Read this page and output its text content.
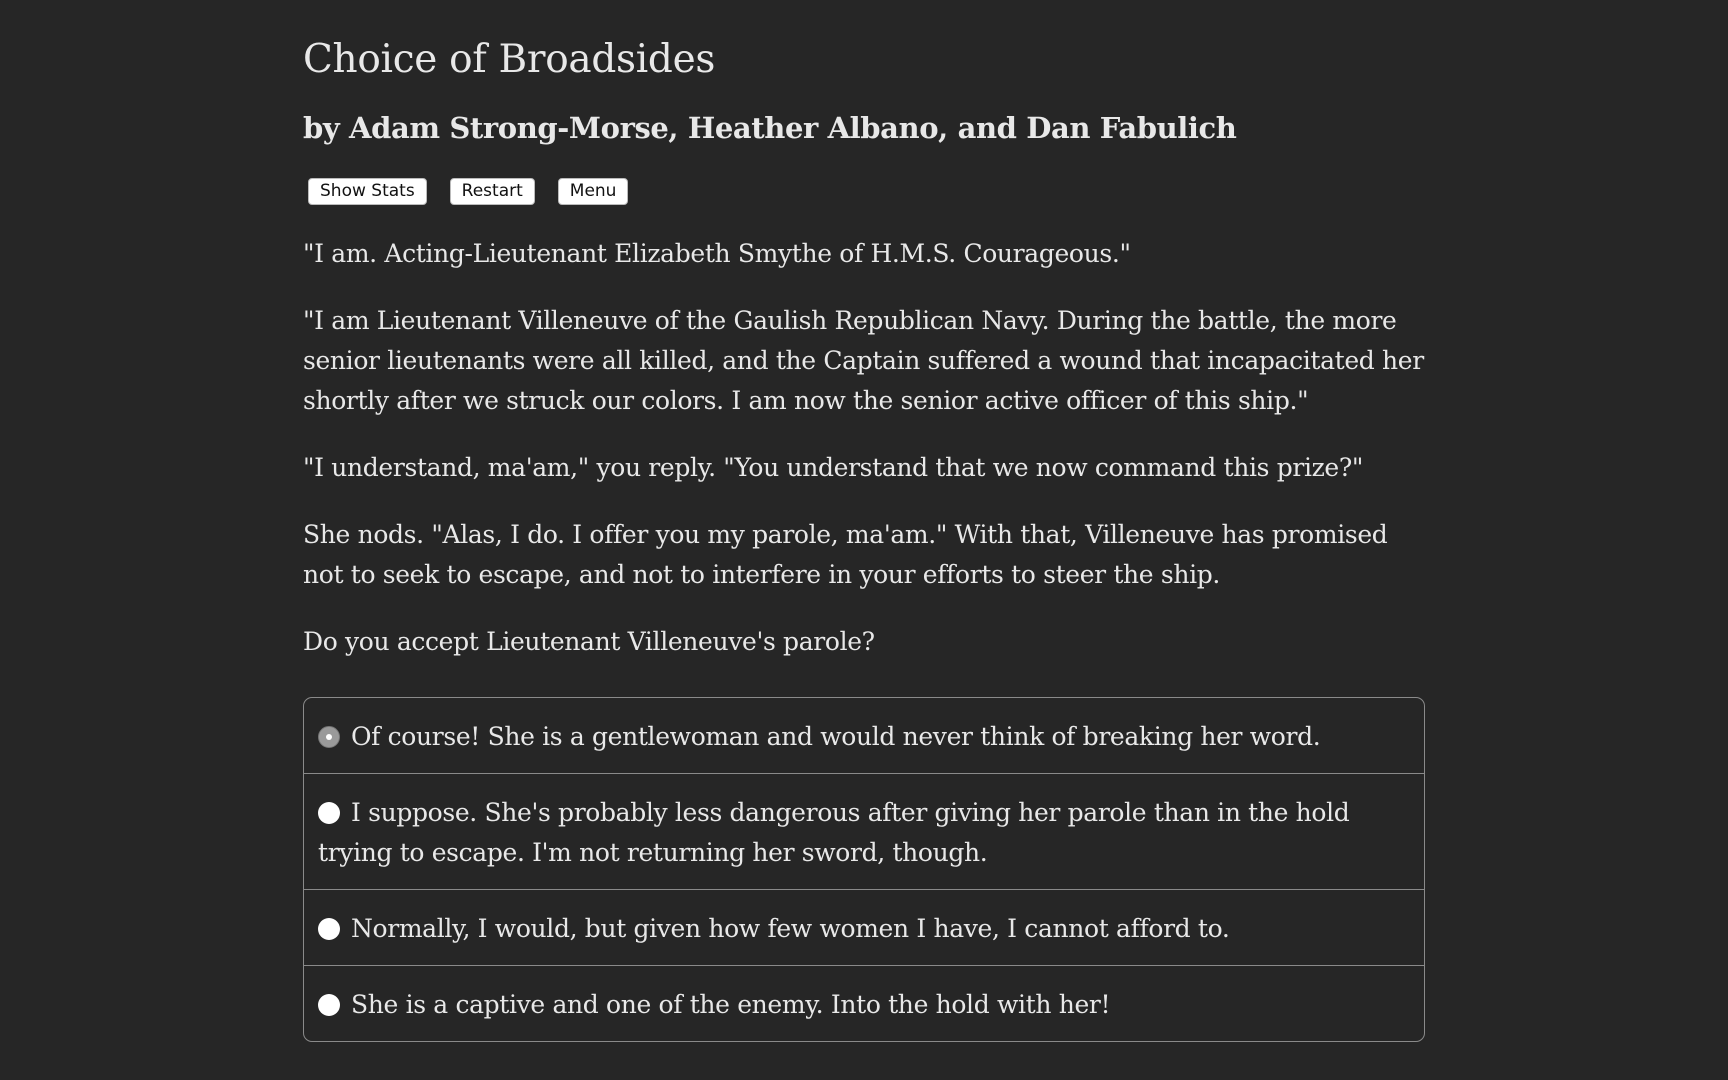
Choice of Broadsides
by Adam Strong-Morse, Heather Albano, and Dan Fabulich
Show Stats	Restart	Menu

"I am. Acting-Lieutenant Elizabeth Smythe of H.M.S. Courageous."

"I am Lieutenant Villeneuve of the Gaulish Republican Navy. During the battle, the more senior lieutenants were all killed, and the Captain suffered a wound that incapacitated her shortly after we struck our colors. I am now the senior active officer of this ship."

"I understand, ma'am," you reply. "You understand that we now command this prize?"

She nods. "Alas, I do. I offer you my parole, ma'am." With that, Villeneuve has promised not to seek to escape, and not to interfere in your efforts to steer the ship.

Do you accept Lieutenant Villeneuve's parole?

Of course! She is a gentlewoman and would never think of breaking her word.
I suppose. She's probably less dangerous after giving her parole than in the hold trying to escape. I'm not returning her sword, though.
Normally, I would, but given how few women I have, I cannot afford to.
She is a captive and one of the enemy. Into the hold with her!
